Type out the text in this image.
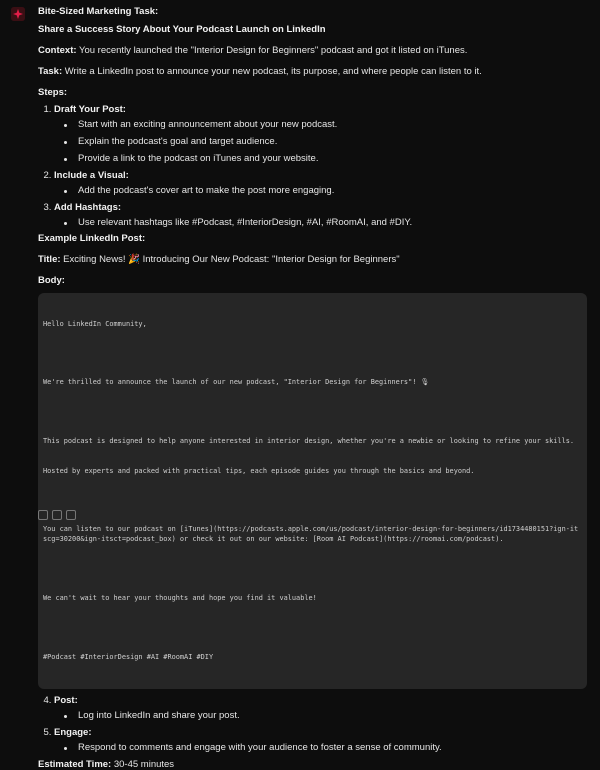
Bite-Sized Marketing Task:

Share a Success Story About Your Podcast Launch on LinkedIn

Context: You recently launched the "Interior Design for Beginners" podcast and got it listed on iTunes.

Task: Write a LinkedIn post to announce your new podcast, its purpose, and where people can listen to it.

Steps:

1. Draft Your Post:
Start with an exciting announcement about your new podcast.
Explain the podcast's goal and target audience.
Provide a link to the podcast on iTunes and your website.
2. Include a Visual:
Add the podcast's cover art to make the post more engaging.
3. Add Hashtags:
Use relevant hashtags like #Podcast, #InteriorDesign, #AI, #RoomAI, and #DIY.

Example LinkedIn Post:

Title: Exciting News! 🎉 Introducing Our New Podcast: "Interior Design for Beginners"

Body:

Hello LinkedIn Community,

We're thrilled to announce the launch of our new podcast, "Interior Design for Beginners"! 🎙

This podcast is designed to help anyone interested in interior design, whether you're a newbie or looking to refine your skills.

Hosted by experts and packed with practical tips, each episode guides you through the basics and beyond.

You can listen to our podcast on [iTunes](https://podcasts.apple.com/us/podcast/interior-design-for-beginners/id1734480151?ign-itscg=30200&ign-itsct=podcast_box) or check it out on our website: [Room AI Podcast](https://roomai.com/podcast).

We can't wait to hear your thoughts and hope you find it valuable!

#Podcast #InteriorDesign #AI #RoomAI #DIY

4. Post:
Log into LinkedIn and share your post.
5. Engage:
Respond to comments and engage with your audience to foster a sense of community.

Estimated Time: 30-45 minutes
